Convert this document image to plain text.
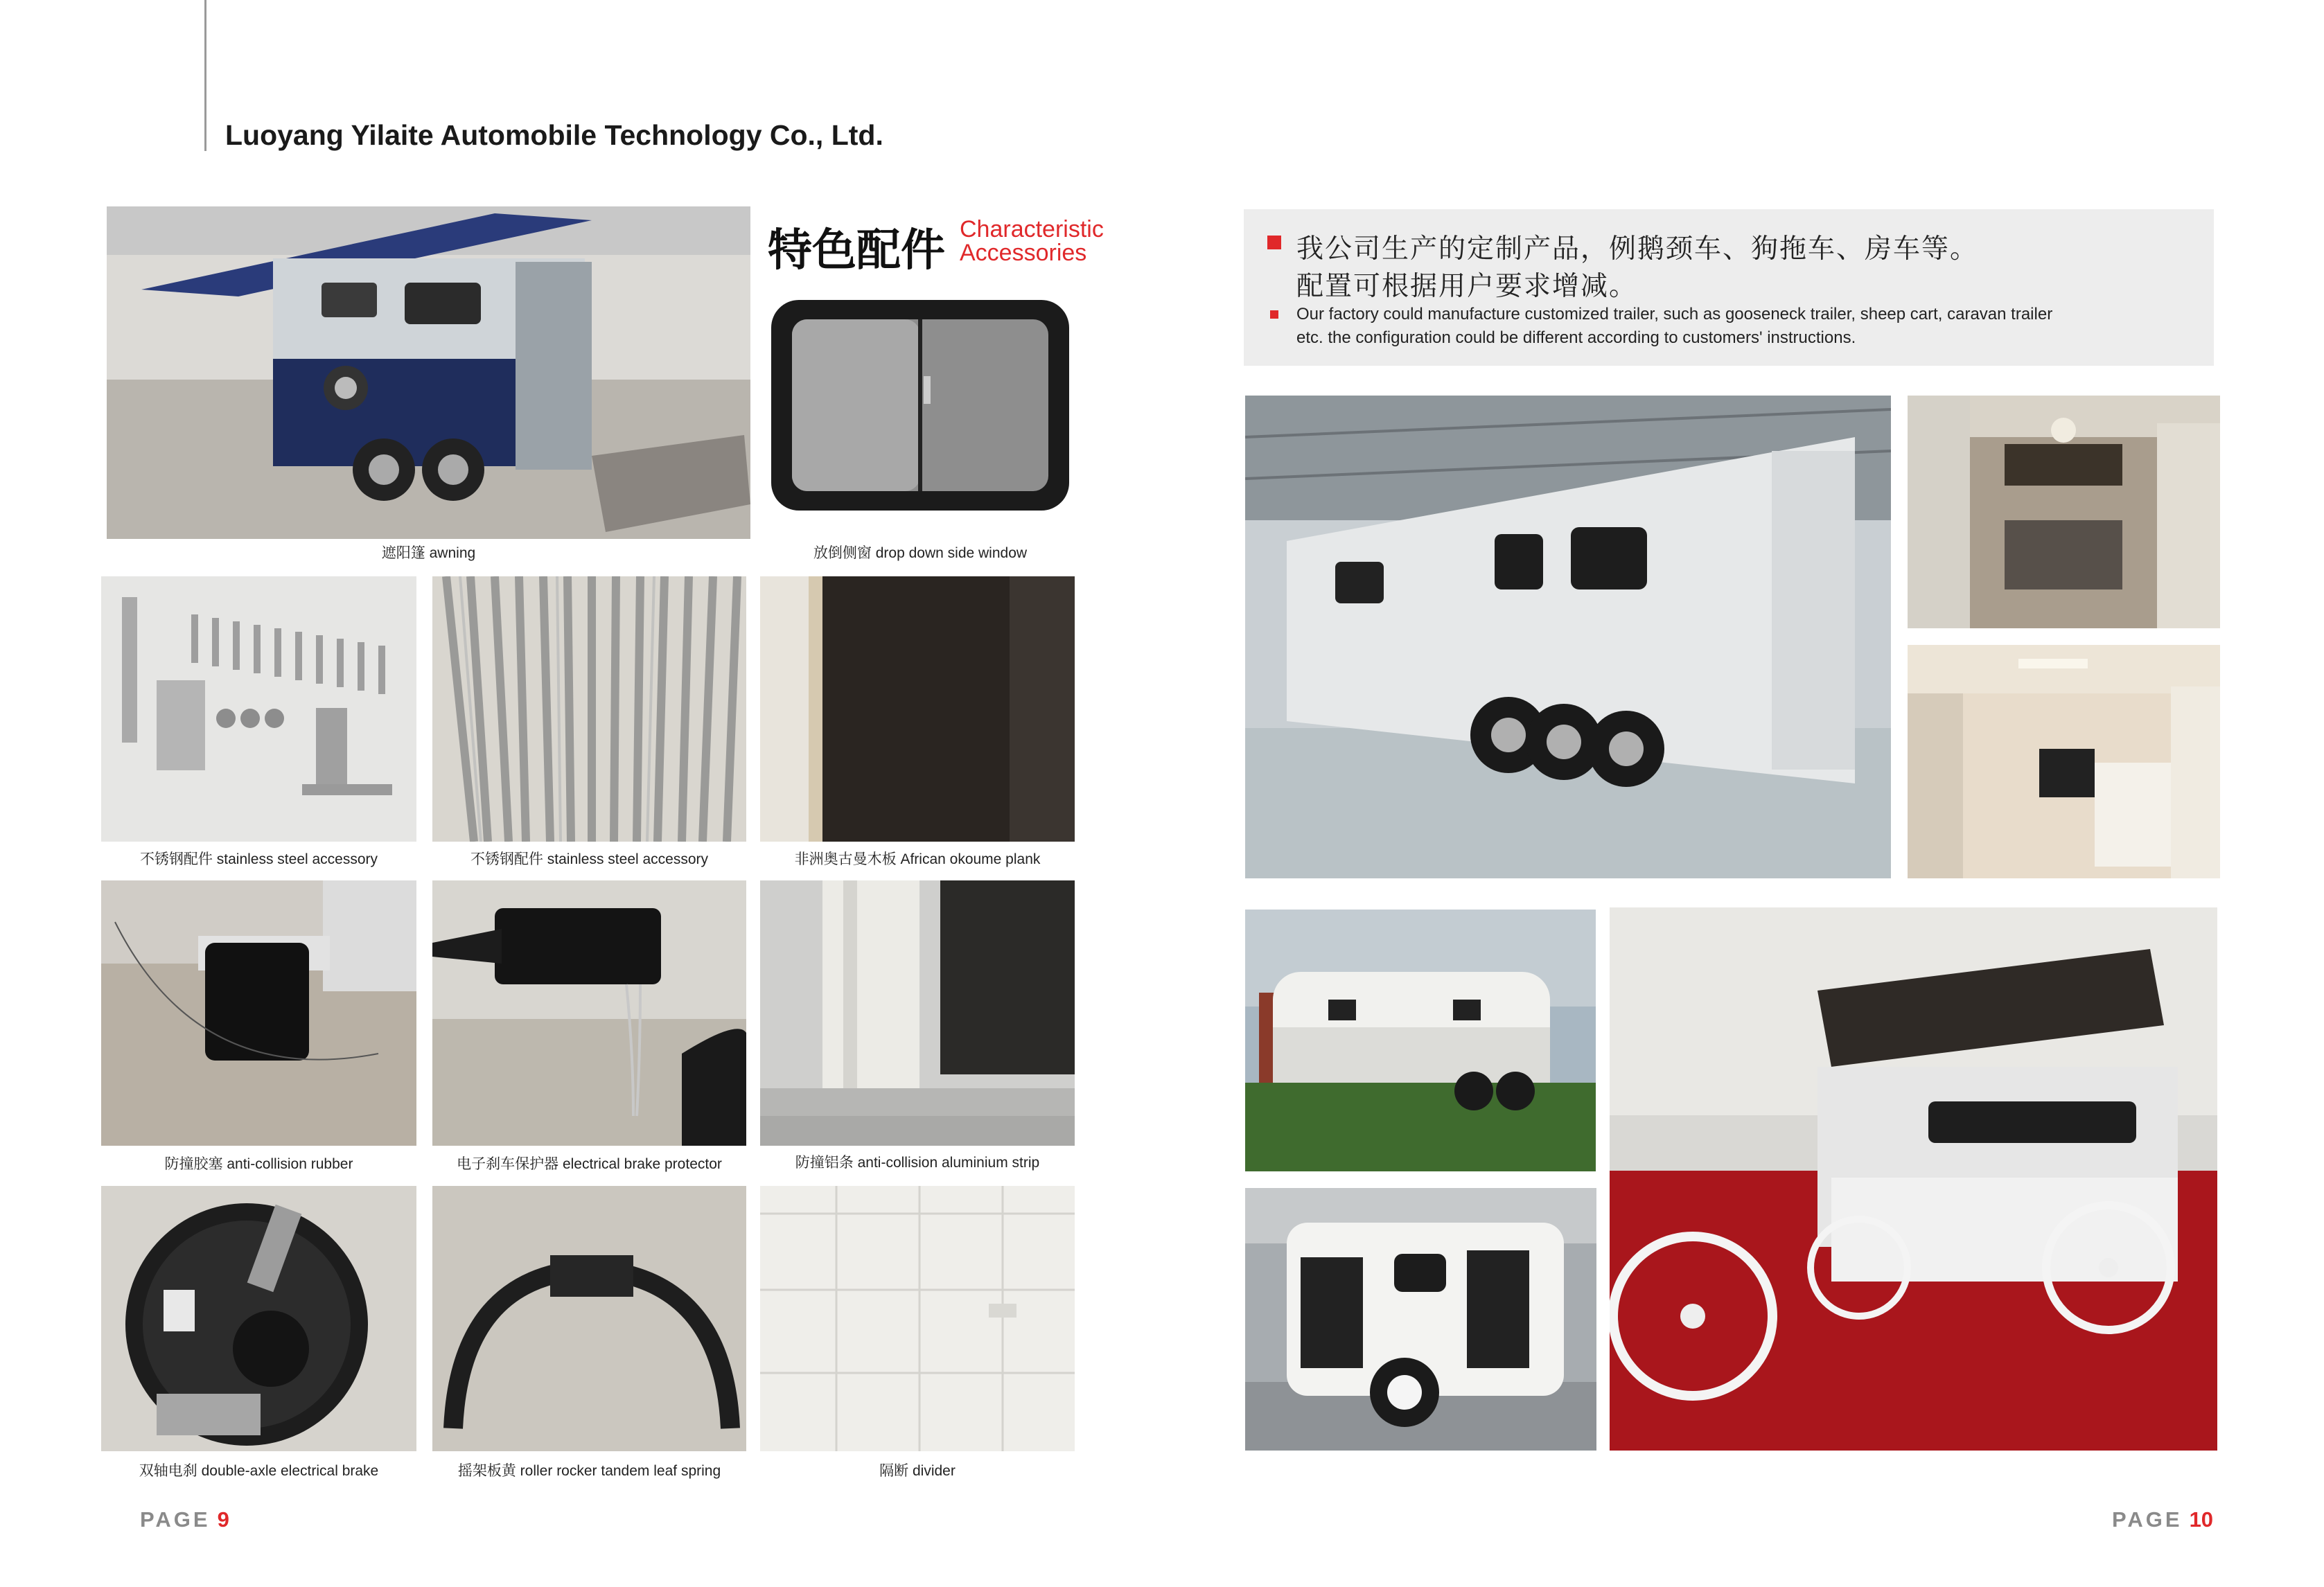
Luoyang Yilaite Automobile Technology Co., Ltd.
遮阳篷 awning
特色配件 Characteristic
Accessories
放倒侧窗 drop down side window
不锈钢配件 stainless steel accessory	不锈钢配件 stainless steel accessory	非洲奥古曼木板 African okoume plank
防撞胶塞 anti-collision rubber	电子刹车保护器 electrical brake protector	防撞铝条 anti-collision aluminium strip
双轴电刹 double-axle electrical brake	摇架板黄 roller rocker tandem leaf spring	隔断 divider
我公司生产的定制产品，例鹅颈车、狗拖车、房车等。
配置可根据用户要求增减。
Our factory could manufacture customized trailer, such as gooseneck trailer, sheep cart, caravan trailer
etc. the configuration could be different according to customers' instructions.
PAGE 9	PAGE 10
